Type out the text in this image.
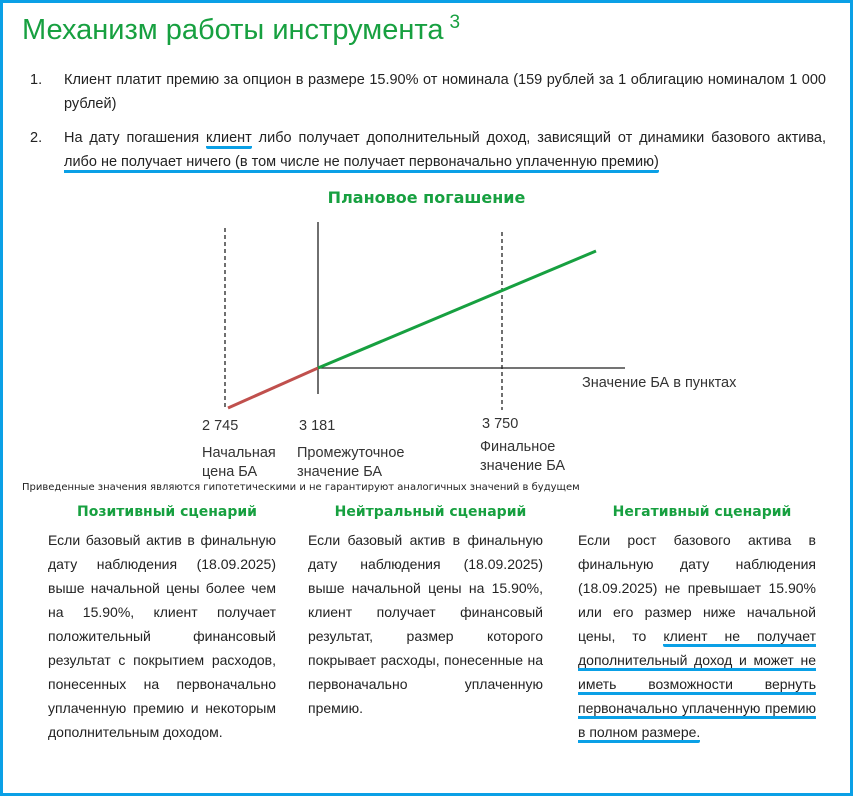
Механизм работы инструмента $^3$
1. Клиент платит премию за опцион в размере 15.90% от номинала (159 рублей за 1 облигацию номиналом 1 000 рублей)
2. На дату погашения клиент либо получает дополнительный доход, зависящий от динамики базового актива, либо не получает ничего (в том числе не получает первоначально уплаченную премию)
Плановое погашение
Значение БА в пунктах
2 745	3 181	3 750
Начальная цена БА
Промежуточное значение БА
Финальное значение БА
Приведенные значения являются гипотетическими и не гарантируют аналогичных значений в будущем
Позитивный сценарий

Если базовый актив в финальную дату наблюдения (18.09.2025) выше начальной цены более чем на 15.90%, клиент получает положительный финансовый результат с покрытием расходов, понесенных на первоначально уплаченную премию и некоторым дополнительным доходом.

Нейтральный сценарий

Если базовый актив в финальную дату наблюдения (18.09.2025) выше начальной цены на 15.90%, клиент получает финансовый результат, размер которого покрывает расходы, понесенные на первоначально уплаченную премию.

Негативный сценарий

Если рост базового актива в финальную дату наблюдения (18.09.2025) не превышает 15.90% или его размер ниже начальной цены, то клиент не получает дополнительный доход и может не иметь возможности вернуть первоначально уплаченную премию в полном размере.
